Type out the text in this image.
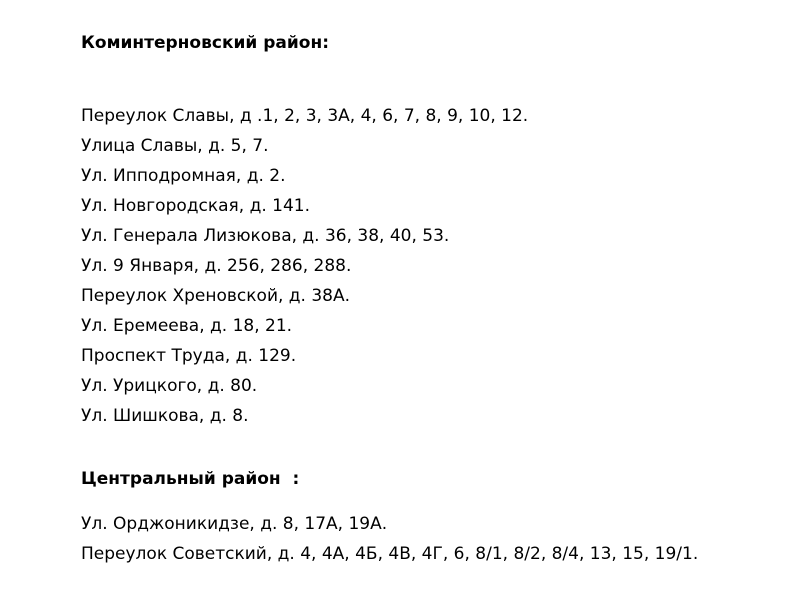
Коминтерновский район:
Переулок Славы, д .1, 2, 3, 3А, 4, 6, 7, 8, 9, 10, 12.
Улица Славы, д. 5, 7.
Ул. Ипподромная, д. 2.
Ул. Новгородская, д. 141.
Ул. Генерала Лизюкова, д. 36, 38, 40, 53.
Ул. 9 Января, д. 256, 286, 288.
Переулок Хреновской, д. 38А.
Ул. Еремеева, д. 18, 21.
Проспект Труда, д. 129.
Ул. Урицкого, д. 80.
Ул. Шишкова, д. 8.
Центральный район  :
Ул. Орджоникидзе, д. 8, 17А, 19А.
Переулок Советский, д. 4, 4А, 4Б, 4В, 4Г, 6, 8/1, 8/2, 8/4, 13, 15, 19/1.
